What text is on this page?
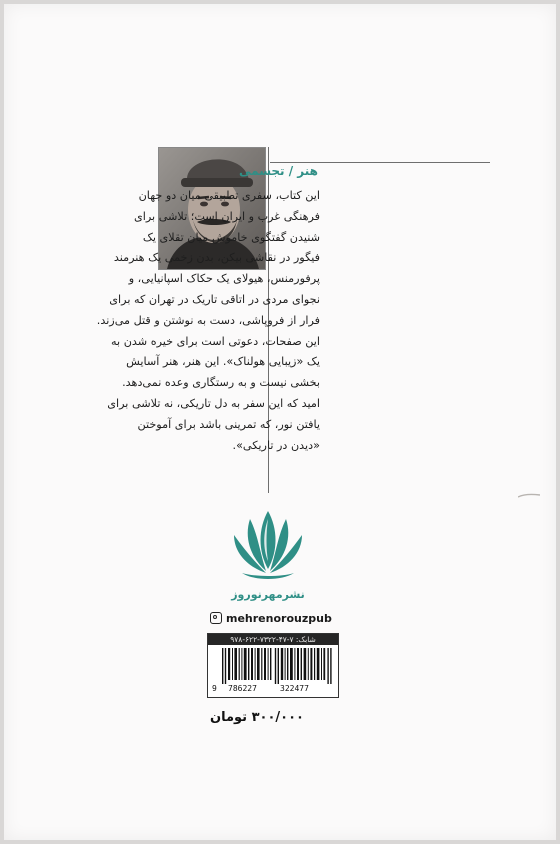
هنر / تجسمی
این کتاب، سفری تطبیقی میان دو جهان
فرهنگی غرب و ایران است؛ تلاشی برای
شنیدن گفتگوی خاموش میان تقلای یک
فیگور در نقاشی بیکن، بدن زخمی یک هنرمند
پرفورمنس، هیولای یک حکاک اسپانیایی، و
نجوای مردی در اتاقی تاریک در تهران که برای
فرار از فروپاشی، دست به نوشتن و قتل می‌زند.
این صفحات، دعوتی است برای خیره شدن به
یک «زیبایی هولناک». این هنر، هنر آسایش
بخشی نیست و به رستگاری وعده نمی‌دهد.
امید که این سفر به دل تاریکی، نه تلاشی برای
یافتن نور، که تمرینی باشد برای آموختن
«دیدن در تاریکی».
نشرمهرنوروز
mehrenorouzpub
شابک: ۷-۴۷-۷۳۲۲-۶۲۲-۹۷۸
9 786227	322477
۳۰۰/۰۰۰ تومان
